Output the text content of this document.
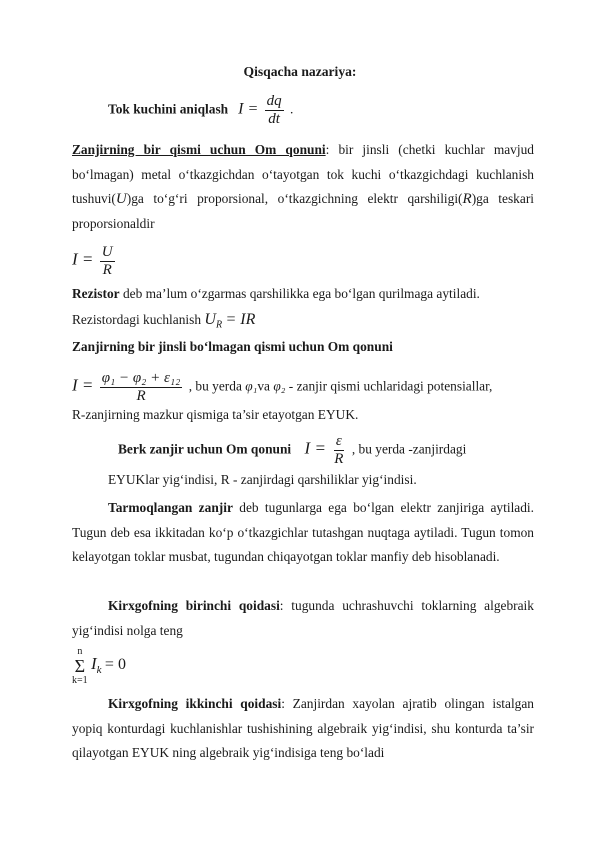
Qisqacha nazariya:
Tok kuchini aniqlash $I = \frac{dq}{dt}$ .
Zanjirning bir qismi uchun Om qonuni: bir jinsli (chetki kuchlar mavjud bo‘lmagan) metal o‘tkazgichdan o‘tayotgan tok kuchi o‘tkazgichdagi kuchlanish tushuvi(U)ga to‘g‘ri proporsional, o‘tkazgichning elektr qarshiligi(R)ga teskari proporsionaldir
$I = \frac{U}{R}$
Rezistor deb ma’lum o‘zgarmas qarshilikka ega bo‘lgan qurilmaga aytiladi.
Rezistordagi kuchlanish $U_R$ = IR
Zanjirning bir jinsli bo‘lmagan qismi uchun Om qonuni
$I = \frac{\text{φ₁ − φ₂ + ε₁₂}}{R}$ , bu yerda φ₁va φ₂ - zanjir qismi uchlaridagi potensiallar,
R-zanjirning mazkur qismiga ta’sir etayotgan EYUK.
Berk zanjir uchun Om qonuni $I = \frac{\varepsilon}{R}$ , bu yerda -zanjirdagi
EYUKlar yig‘indisi, R - zanjirdagi qarshiliklar yig‘indisi.
Tarmoqlangan zanjir deb tugunlarga ega bo‘lgan elektr zanjiriga aytiladi. Tugun deb esa ikkitadan ko‘p o‘tkazgichlar tutashgan nuqtaga aytiladi. Tugun tomon kelayotgan toklar musbat, tugundan chiqayotgan toklar manfiy deb hisoblanadi.
Kirxgofning birinchi qoidasi: tugunda uchrashuvchi toklarning algebraik yig‘indisi nolga teng
n
Σ
k=1
$I_k = 0$
Kirxgofning ikkinchi qoidasi: Zanjirdan xayolan ajratib olingan istalgan yopiq konturdagi kuchlanishlar tushishining algebraik yig‘indisi, shu konturda ta’sir qilayotgan EYUK ning algebraik yig‘indisiga teng bo‘ladi
